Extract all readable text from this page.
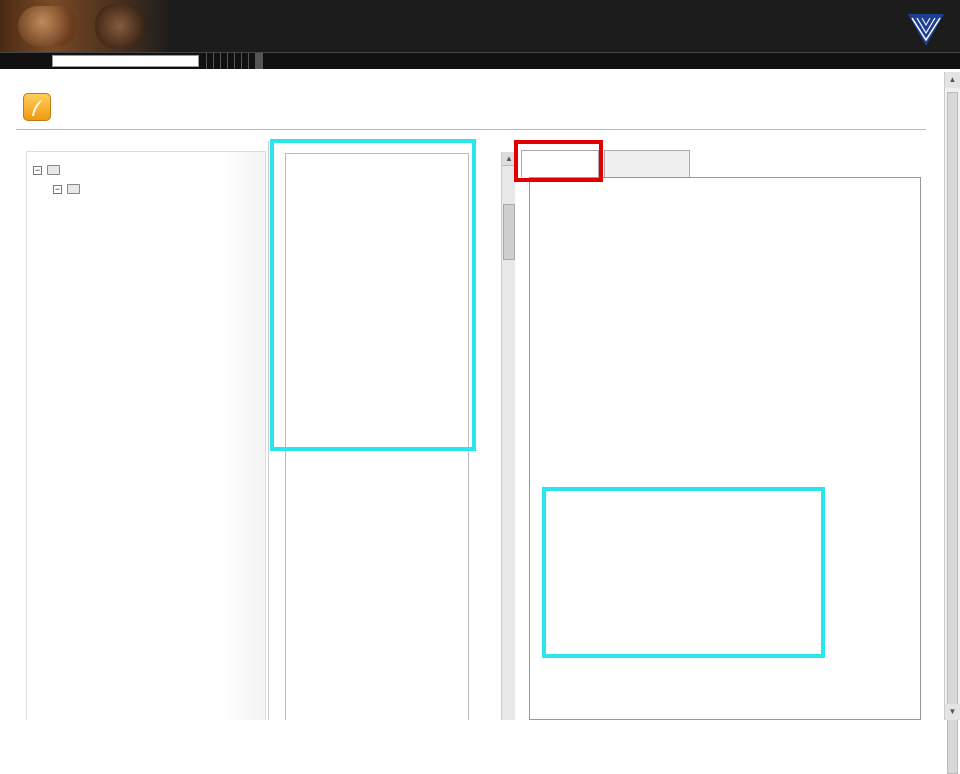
−
−
▲
▲
▼
